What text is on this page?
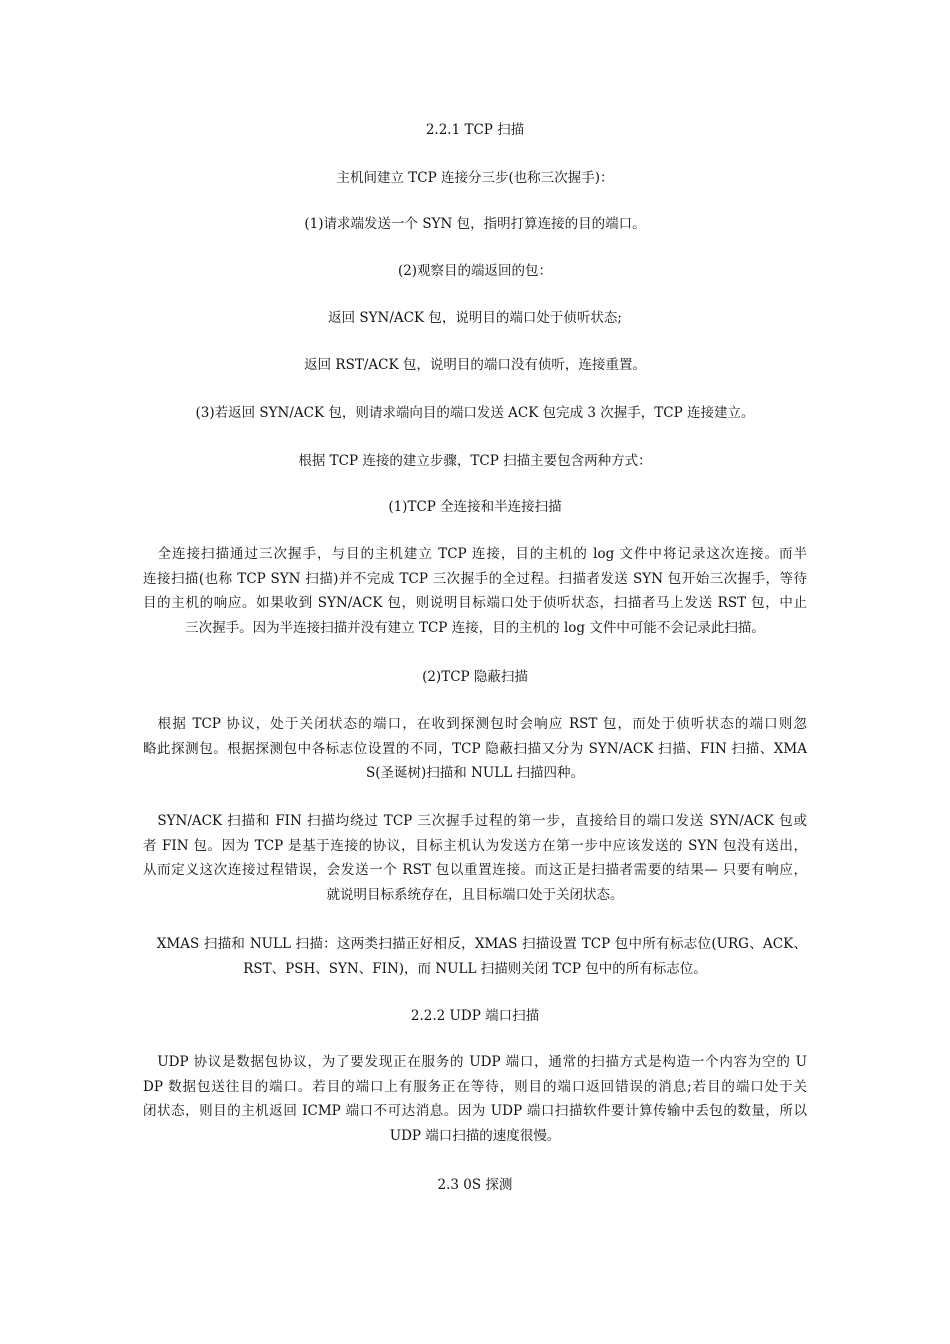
2.2.1 TCP 扫描
主机间建立 TCP 连接分三步(也称三次握手)：
(1)请求端发送一个 SYN 包，指明打算连接的目的端口。
(2)观察目的端返回的包：
返回 SYN/ACK 包，说明目的端口处于侦听状态;
返回 RST/ACK 包，说明目的端口没有侦听，连接重置。
(3)若返回 SYN/ACK 包，则请求端向目的端口发送 ACK 包完成 3 次握手，TCP 连接建立。
根据 TCP 连接的建立步骤，TCP 扫描主要包含两种方式：
(1)TCP 全连接和半连接扫描
　全连接扫描通过三次握手，与目的主机建立 TCP 连接，目的主机的 log 文件中将记录这次连接。而半
连接扫描(也称 TCP SYN 扫描)并不完成 TCP 三次握手的全过程。扫描者发送 SYN 包开始三次握手，等待
目的主机的响应。如果收到 SYN/ACK 包，则说明目标端口处于侦听状态，扫描者马上发送 RST 包，中止
三次握手。因为半连接扫描并没有建立 TCP 连接，目的主机的 log 文件中可能不会记录此扫描。
(2)TCP 隐蔽扫描
　根据 TCP 协议，处于关闭状态的端口，在收到探测包时会响应 RST 包，而处于侦听状态的端口则忽
略此探测包。根据探测包中各标志位设置的不同，TCP 隐蔽扫描又分为 SYN/ACK 扫描、FIN 扫描、XMA
S(圣诞树)扫描和 NULL 扫描四种。
　SYN/ACK 扫描和 FIN 扫描均绕过 TCP 三次握手过程的第一步，直接给目的端口发送 SYN/ACK 包或
者 FIN 包。因为 TCP 是基于连接的协议，目标主机认为发送方在第一步中应该发送的 SYN 包没有送出，
从而定义这次连接过程错误，会发送一个 RST 包以重置连接。而这正是扫描者需要的结果— 只要有响应，
就说明目标系统存在，且目标端口处于关闭状态。
　XMAS 扫描和 NULL 扫描：这两类扫描正好相反，XMAS 扫描设置 TCP 包中所有标志位(URG、ACK、
RST、PSH、SYN、FIN)，而 NULL 扫描则关闭 TCP 包中的所有标志位。
2.2.2 UDP 端口扫描
　UDP 协议是数据包协议，为了要发现正在服务的 UDP 端口，通常的扫描方式是构造一个内容为空的 U
DP 数据包送往目的端口。若目的端口上有服务正在等待，则目的端口返回错误的消息;若目的端口处于关
闭状态，则目的主机返回 ICMP 端口不可达消息。因为 UDP 端口扫描软件要计算传输中丢包的数量，所以
UDP 端口扫描的速度很慢。
2.3 0S 探测
